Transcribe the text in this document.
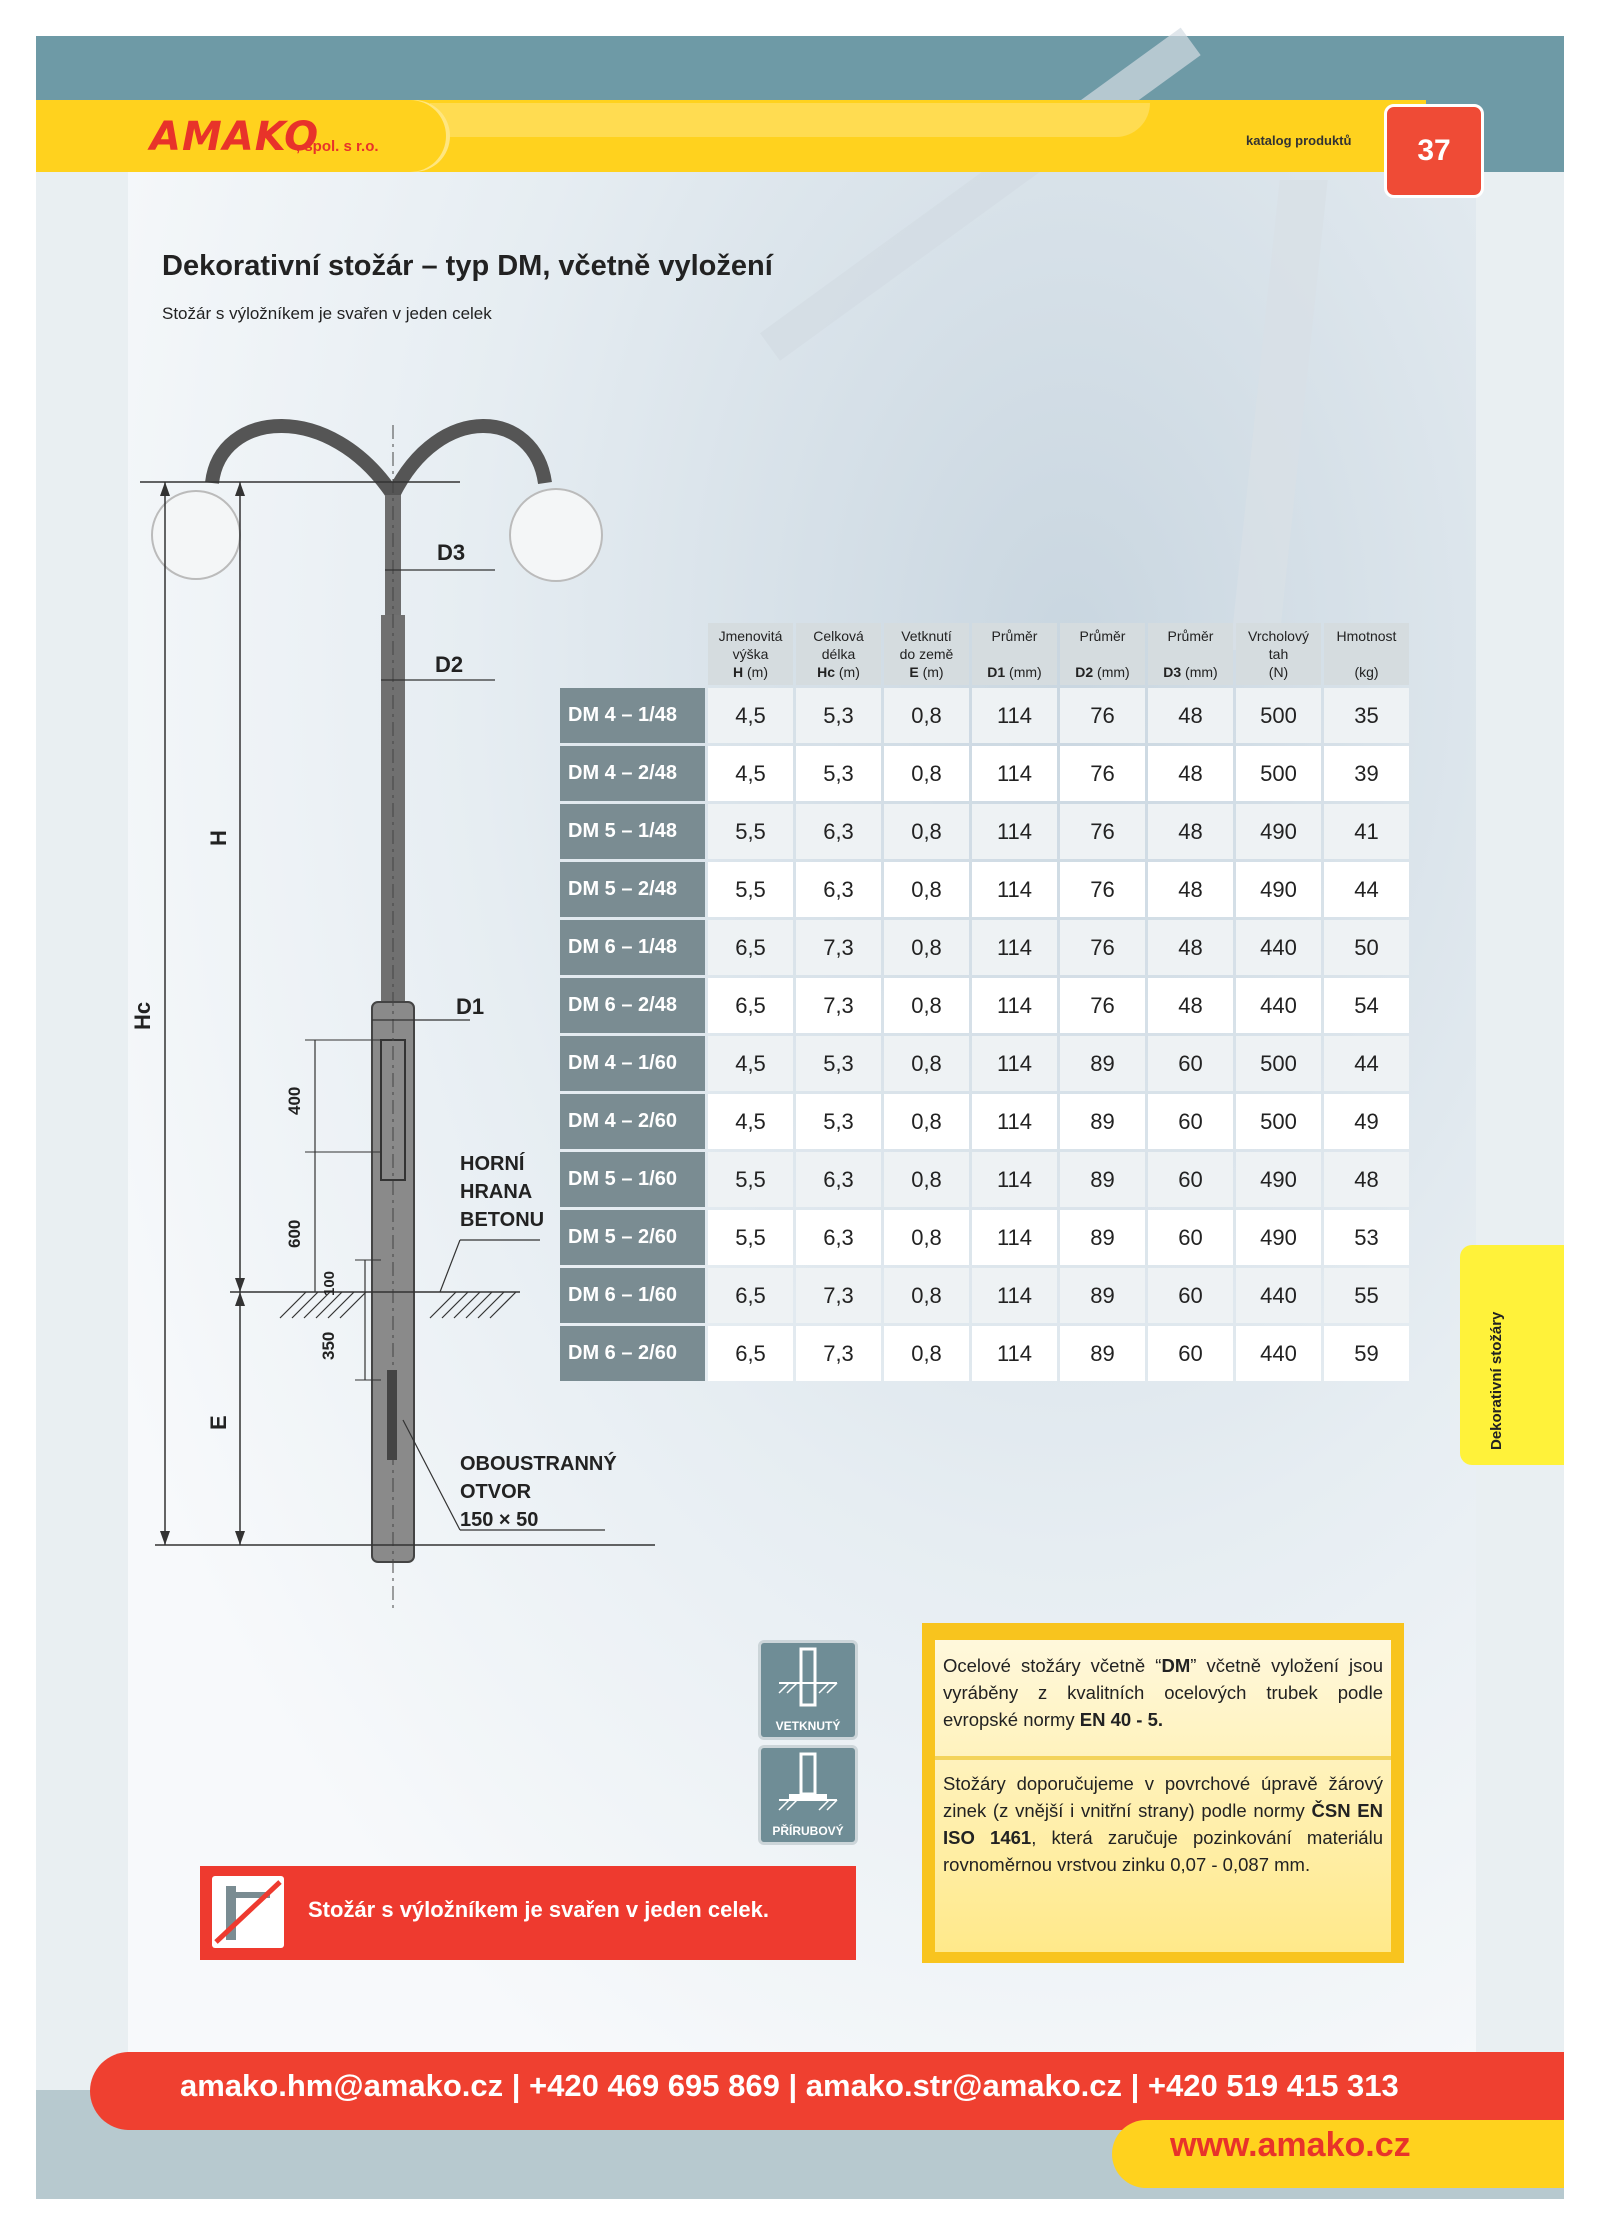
AMAKO
, spol. s r.o.	katalog produktů	37
Dekorativní stožár – typ DM, včetně vyložení
Stožár s výložníkem je svařen v jeden celek
D3
D2
D1
H
Hc
E
400
600
100
350
HORNÍ
HRANA
BETONU
OBOUSTRANNÝ
OTVOR
150 × 50
	Jmenovitá
výška
H (m)	Celková
délka
Hc (m)	Vetknutí
do země
E (m)	Průměr

D1 (mm)	Průměr

D2 (mm)	Průměr

D3 (mm)	Vrcholový
tah
(N)	Hmotnost

(kg)
DM 4 – 1/48	4,5	5,3	0,8	114	76	48	500	35
DM 4 – 2/48	4,5	5,3	0,8	114	76	48	500	39
DM 5 – 1/48	5,5	6,3	0,8	114	76	48	490	41
DM 5 – 2/48	5,5	6,3	0,8	114	76	48	490	44
DM 6 – 1/48	6,5	7,3	0,8	114	76	48	440	50
DM 6 – 2/48	6,5	7,3	0,8	114	76	48	440	54
DM 4 – 1/60	4,5	5,3	0,8	114	89	60	500	44
DM 4 – 2/60	4,5	5,3	0,8	114	89	60	500	49
DM 5 – 1/60	5,5	6,3	0,8	114	89	60	490	48
DM 5 – 2/60	5,5	6,3	0,8	114	89	60	490	53
DM 6 – 1/60	6,5	7,3	0,8	114	89	60	440	55
DM 6 – 2/60	6,5	7,3	0,8	114	89	60	440	59
VETKNUTÝ
PŘÍRUBOVÝ
Stožár s výložníkem je svařen v jeden celek.
Ocelové stožáry včetně “DM” včetně vyložení jsou vyráběny z kvalitních ocelových trubek podle evropské normy EN 40 - 5.
Stožáry doporučujeme v povrchové úpravě žárový zinek (z vnější i vnitřní strany) podle normy ČSN EN ISO 1461, která zaručuje pozinkování materiálu rovnoměrnou vrstvou zinku 0,07 - 0,087 mm.
Dekorativní stožáry
amako.hm@amako.cz | +420 469 695 869 | amako.str@amako.cz | +420 519 415 313
www.amako.cz
